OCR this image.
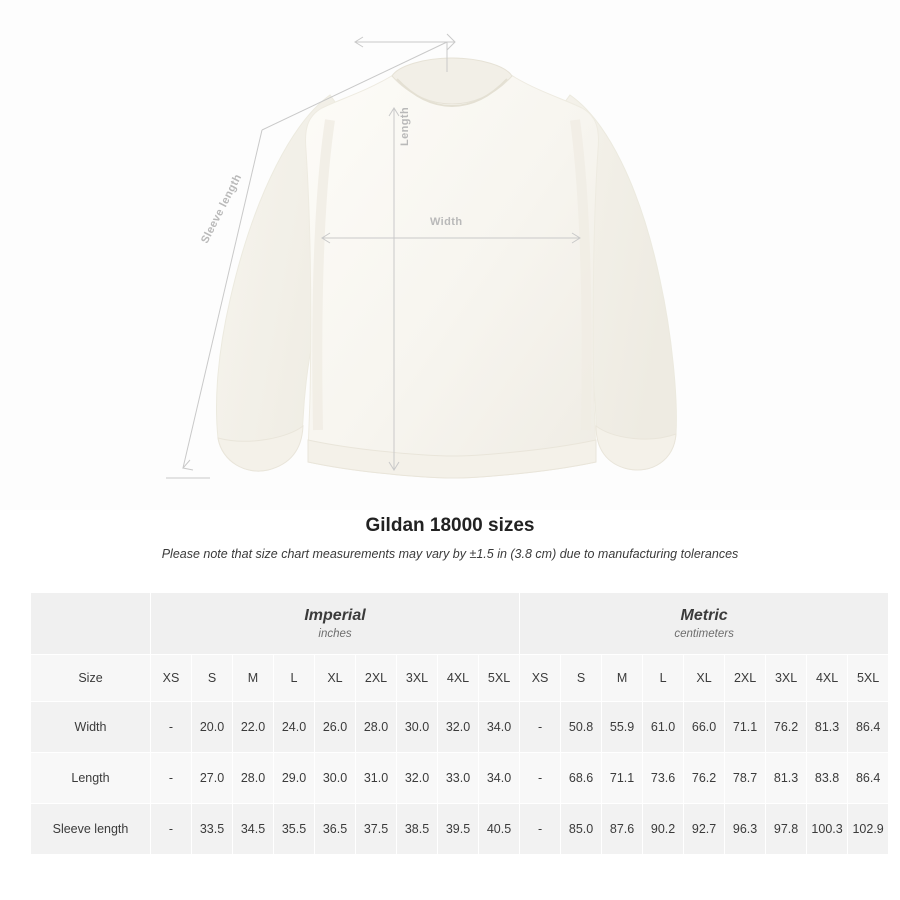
Width
Length
Sleeve length
Gildan 18000 sizes

Please note that size chart measurements may vary by ±1.5 in (3.8 cm) due to manufacturing tolerances

Imperial
inches

Metric
centimeters

Size	XS	S	M	L	XL	2XL	3XL	4XL	5XL	XS	S	M	L	XL	2XL	3XL	4XL	5XL
Width	-	20.0	22.0	24.0	26.0	28.0	30.0	32.0	34.0	-	50.8	55.9	61.0	66.0	71.1	76.2	81.3	86.4
Length	-	27.0	28.0	29.0	30.0	31.0	32.0	33.0	34.0	-	68.6	71.1	73.6	76.2	78.7	81.3	83.8	86.4
Sleeve length	-	33.5	34.5	35.5	36.5	37.5	38.5	39.5	40.5	-	85.0	87.6	90.2	92.7	96.3	97.8	100.3	102.9
